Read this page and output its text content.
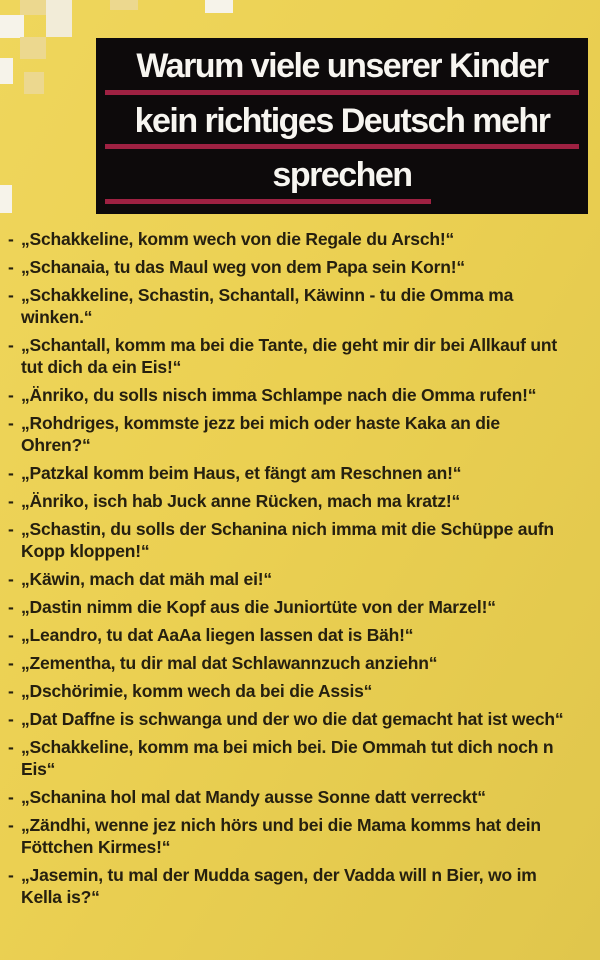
Warum viele unserer Kinder
kein richtiges Deutsch mehr
sprechen
- „Schakkeline, komm wech von die Regale du Arsch!“
- „Schanaia, tu das Maul weg von dem Papa sein Korn!“
- „Schakkeline, Schastin, Schantall, Käwinn - tu die Omma ma winken.“
- „Schantall, komm ma bei die Tante, die geht mir dir bei Allkauf unt tut dich da ein Eis!“
- „Änriko, du solls nisch imma Schlampe nach die Omma rufen!“
- „Rohdriges, kommste jezz bei mich oder haste Kaka an die Ohren?“
- „Patzkal komm beim Haus, et fängt am Reschnen an!“
- „Änriko, isch hab Juck anne Rücken, mach ma kratz!“
- „Schastin, du solls der Schanina nich imma mit die Schüppe aufn Kopp kloppen!“
- „Käwin, mach dat mäh mal ei!“
- „Dastin nimm die Kopf aus die Juniortüte von der Marzel!“
- „Leandro, tu dat AaAa liegen lassen dat is Bäh!“
- „Zementha, tu dir mal dat Schlawannzuch anziehn“
- „Dschörimie, komm wech da bei die Assis“
- „Dat Daffne is schwanga und der wo die dat gemacht hat ist wech“
- „Schakkeline, komm ma bei mich bei. Die Ommah tut dich noch n Eis“
- „Schanina hol mal dat Mandy ausse Sonne datt verreckt“
- „Zändhi, wenne jez nich hörs und bei die Mama komms hat dein Föttchen Kirmes!“
- „Jasemin, tu mal der Mudda sagen, der Vadda will n Bier, wo im Kella is?“
